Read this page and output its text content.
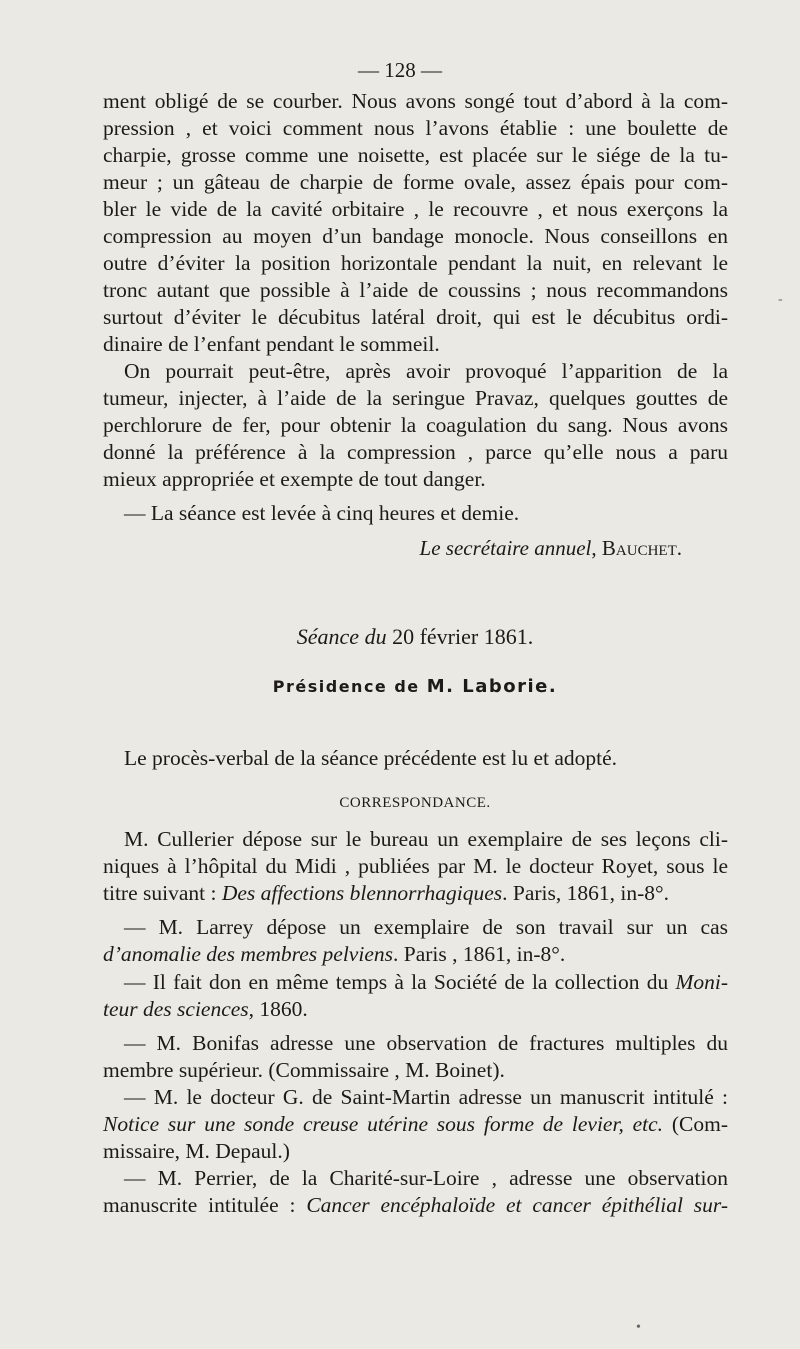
— 128 —
ment obligé de se courber. Nous avons songé tout d’abord à la com-
pression , et voici comment nous l’avons établie : une boulette de
charpie, grosse comme une noisette, est placée sur le siége de la tu-
meur ; un gâteau de charpie de forme ovale, assez épais pour com-
bler le vide de la cavité orbitaire , le recouvre , et nous exerçons la
compression au moyen d’un bandage monocle. Nous conseillons en
outre d’éviter la position horizontale pendant la nuit, en relevant le
tronc autant que possible à l’aide de coussins ; nous recommandons
surtout d’éviter le décubitus latéral droit, qui est le décubitus ordi-
dinaire de l’enfant pendant le sommeil.
On pourrait peut-être, après avoir provoqué l’apparition de la
tumeur, injecter, à l’aide de la seringue Pravaz, quelques gouttes de
perchlorure de fer, pour obtenir la coagulation du sang. Nous avons
donné la préférence à la compression , parce qu’elle nous a paru
mieux appropriée et exempte de tout danger.
— La séance est levée à cinq heures et demie.
Le secrétaire annuel, Bauchet.
Séance du 20 février 1861.
Présidence de M. Laborie.
Le procès-verbal de la séance précédente est lu et adopté.
CORRESPONDANCE.
M. Cullerier dépose sur le bureau un exemplaire de ses leçons cli-
niques à l’hôpital du Midi , publiées par M. le docteur Royet, sous le
titre suivant : Des affections blennorrhagiques. Paris, 1861, in-8°.
— M. Larrey dépose un exemplaire de son travail sur un cas
d’anomalie des membres pelviens. Paris , 1861, in-8°.
— Il fait don en même temps à la Société de la collection du Moni-
teur des sciences, 1860.
— M. Bonifas adresse une observation de fractures multiples du
membre supérieur. (Commissaire , M. Boinet).
— M. le docteur G. de Saint-Martin adresse un manuscrit intitulé :
Notice sur une sonde creuse utérine sous forme de levier, etc. (Com-
missaire, M. Depaul.)
— M. Perrier, de la Charité-sur-Loire , adresse une observation
manuscrite intitulée : Cancer encéphaloïde et cancer épithélial sur-
-
•
